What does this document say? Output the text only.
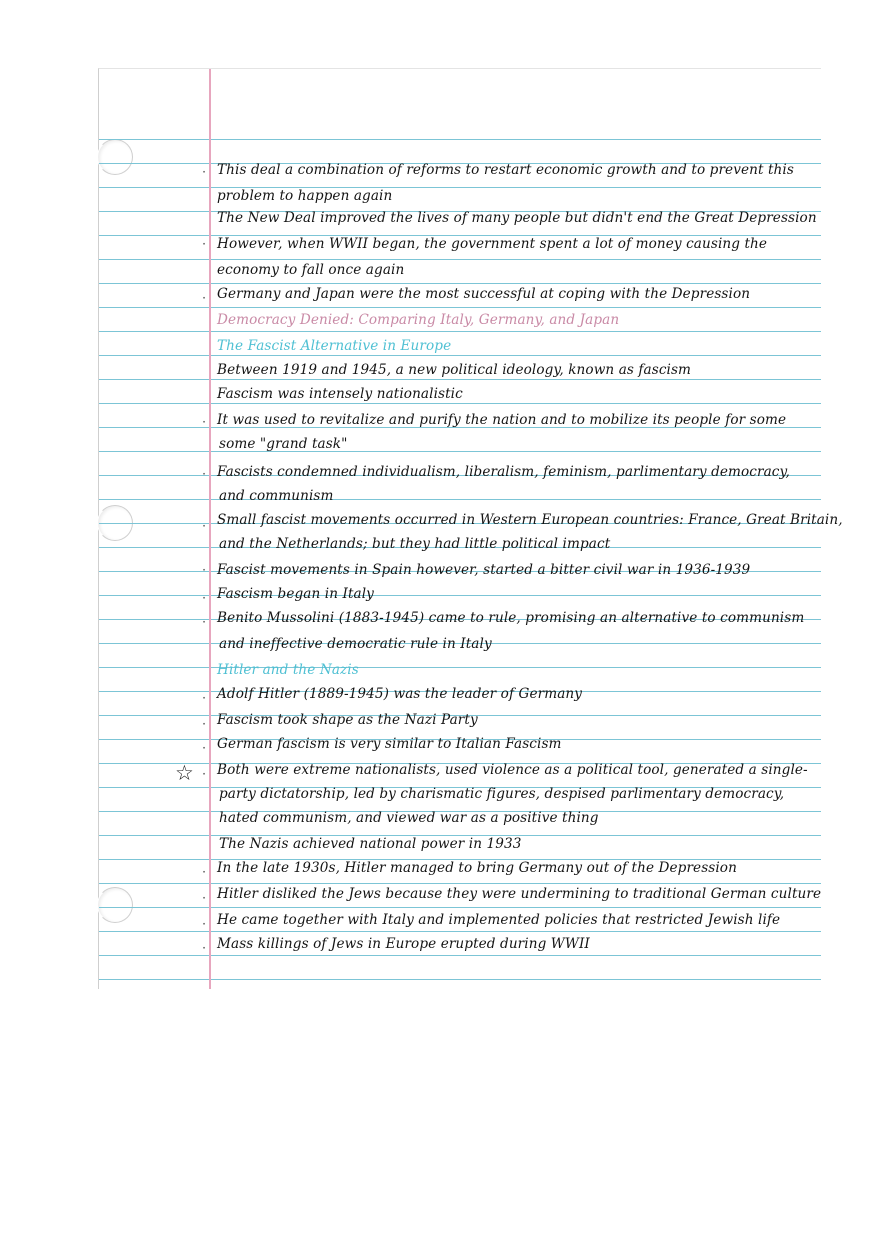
·
·
·
·
·
·
·
·
·
·
·
·
·
·
·
·
·
☆
This deal a combination of reforms to restart economic growth and to prevent this
problem to happen again
The New Deal improved the lives of many people but didn't end the Great Depression
However, when WWII began, the government spent a lot of money causing the
economy to fall once again
Germany and Japan were the most successful at coping with the Depression
Democracy Denied: Comparing Italy, Germany, and Japan
The Fascist Alternative in Europe
Between 1919 and 1945, a new political ideology, known as fascism
Fascism was intensely nationalistic
It was used to revitalize and purify the nation and to mobilize its people for some
some "grand task"
Fascists condemned individualism, liberalism, feminism, parlimentary democracy,
and communism
Small fascist movements occurred in Western European countries: France, Great Britain,
and the Netherlands; but they had little political impact
Fascist movements in Spain however, started a bitter civil war in 1936-1939
Fascism began in Italy
Benito Mussolini (1883-1945) came to rule, promising an alternative to communism
and ineffective democratic rule in Italy
Hitler and the Nazis
Adolf Hitler (1889-1945) was the leader of Germany
Fascism took shape as the Nazi Party
German fascism is very similar to Italian Fascism
Both were extreme nationalists, used violence as a political tool, generated a single-
party dictatorship, led by charismatic figures, despised parlimentary democracy,
hated communism, and viewed war as a positive thing
The Nazis achieved national power in 1933
In the late 1930s, Hitler managed to bring Germany out of the Depression
Hitler disliked the Jews because they were undermining to traditional German culture
He came together with Italy and implemented policies that restricted Jewish life
Mass killings of Jews in Europe erupted during WWII
